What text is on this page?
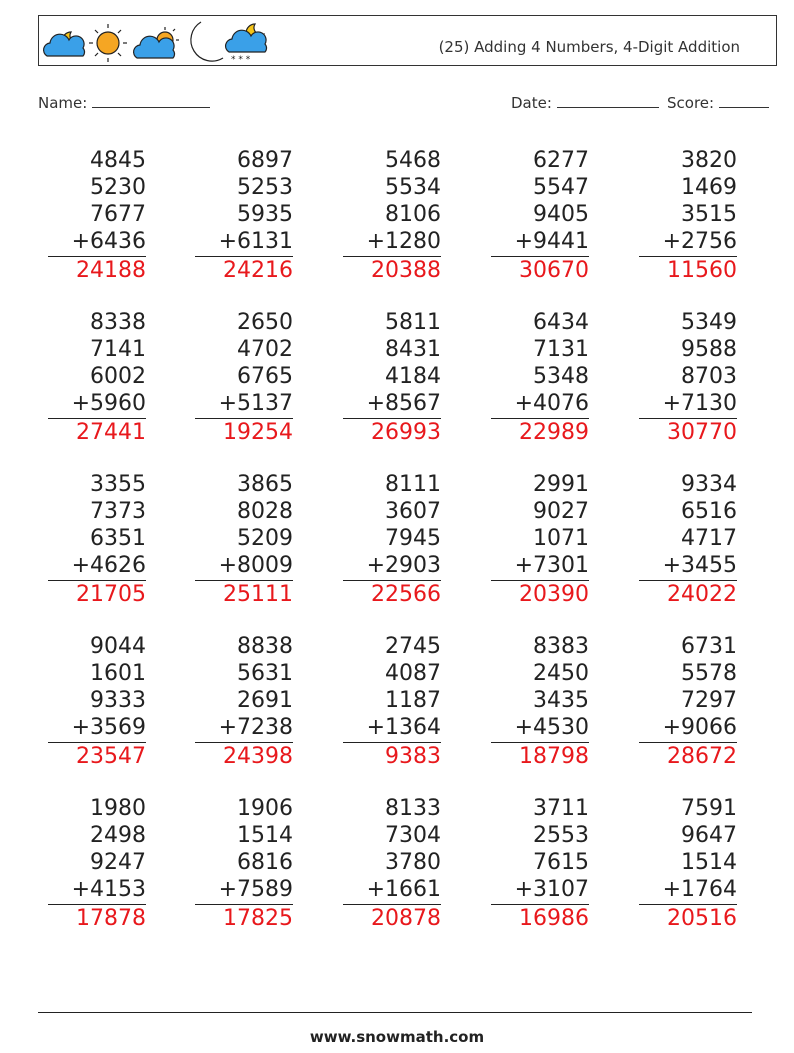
* * *
(25) Adding 4 Numbers, 4-Digit Addition
Name:	Date:	Score:
4845
5230
7677
+6436
24188
6897
5253
5935
+6131
24216
5468
5534
8106
+1280
20388
6277
5547
9405
+9441
30670
3820
1469
3515
+2756
11560
8338
7141
6002
+5960
27441
2650
4702
6765
+5137
19254
5811
8431
4184
+8567
26993
6434
7131
5348
+4076
22989
5349
9588
8703
+7130
30770
3355
7373
6351
+4626
21705
3865
8028
5209
+8009
25111
8111
3607
7945
+2903
22566
2991
9027
1071
+7301
20390
9334
6516
4717
+3455
24022
9044
1601
9333
+3569
23547
8838
5631
2691
+7238
24398
2745
4087
1187
+1364
9383
8383
2450
3435
+4530
18798
6731
5578
7297
+9066
28672
1980
2498
9247
+4153
17878
1906
1514
6816
+7589
17825
8133
7304
3780
+1661
20878
3711
2553
7615
+3107
16986
7591
9647
1514
+1764
20516
www.snowmath.com
